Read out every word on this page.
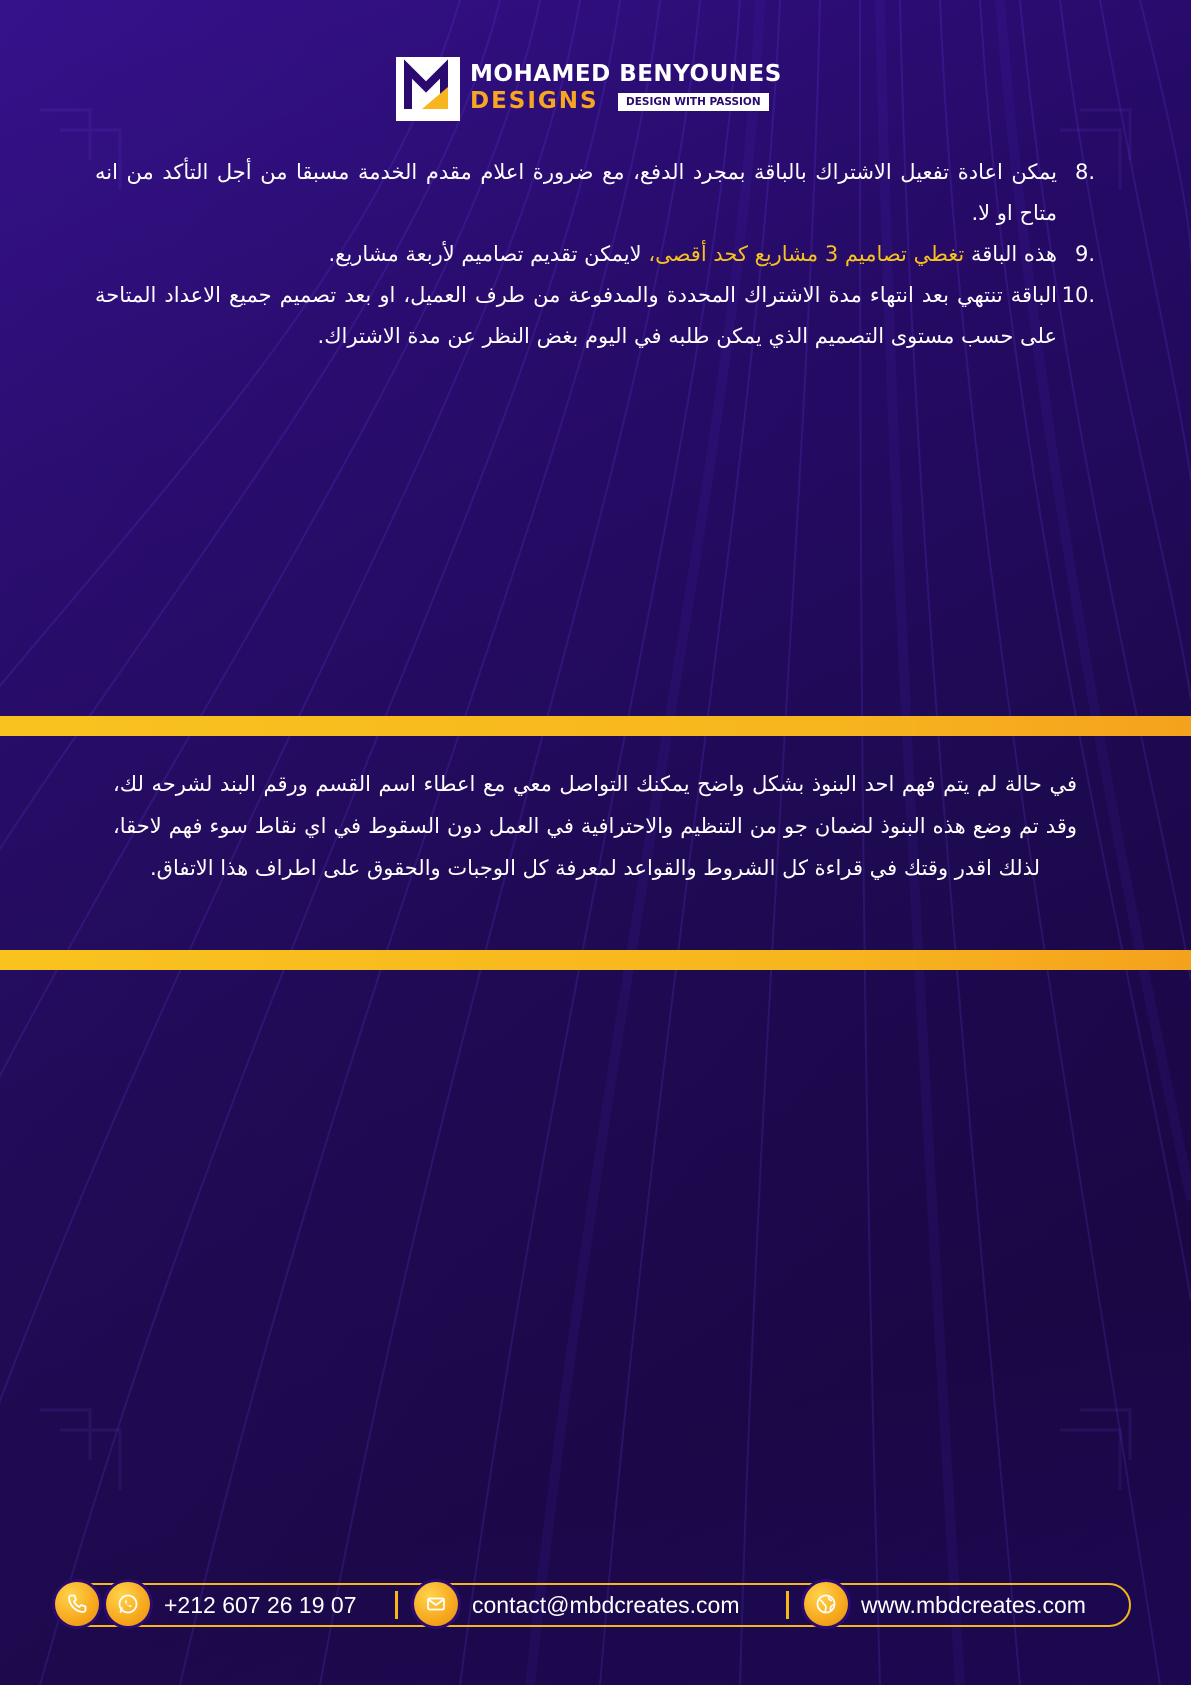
MOHAMED BENYOUNES
DESIGNS	DESIGN WITH PASSION
8.
يمكن اعادة تفعيل الاشتراك بالباقة بمجرد الدفع، مع ضرورة اعلام مقدم الخدمة مسبقا من أجل التأكد من انه متاح او لا.
9.
هذه الباقة تغطي تصاميم 3 مشاريع كحد أقصى، لايمكن تقديم تصاميم لأربعة مشاريع.
10.
الباقة تنتهي بعد انتهاء مدة الاشتراك المحددة والمدفوعة من طرف العميل، او بعد تصميم جميع الاعداد المتاحة على حسب مستوى التصميم الذي يمكن طلبه في اليوم بغض النظر عن مدة الاشتراك.

في حالة لم يتم فهم احد البنوذ بشكل واضح يمكنك التواصل معي مع اعطاء اسم القسم ورقم البند لشرحه لك، وقد تم وضع هذه البنوذ لضمان جو من التنظيم والاحترافية في العمل دون السقوط في اي نقاط سوء فهم لاحقا، لذلك اقدر وقتك في قراءة كل الشروط والقواعد لمعرفة كل الوجبات والحقوق على اطراف هذا الاتفاق.

+212 607 26 19 07	contact@mbdcreates.com	www.mbdcreates.com
